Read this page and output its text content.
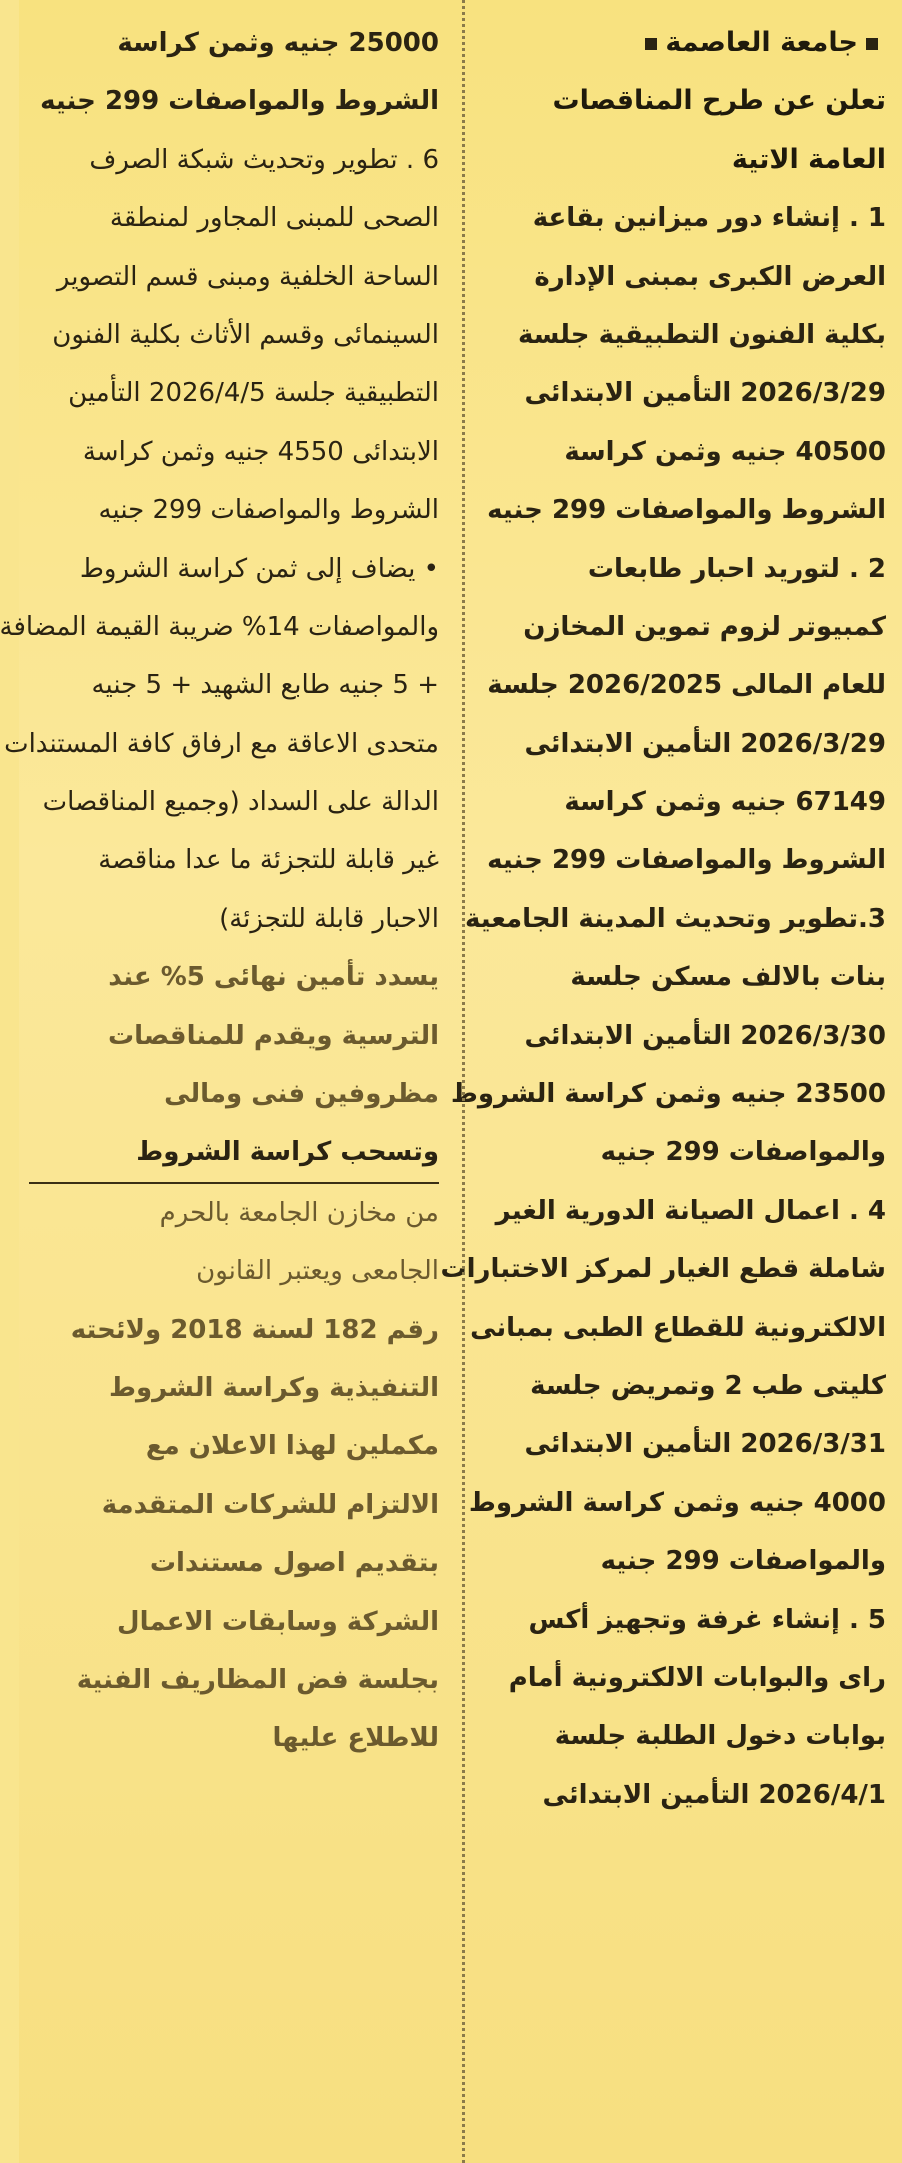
جامعة العاصمة

تعلن عن طرح المناقصات

العامة الاتية

1 . إنشاء دور ميزانين بقاعة

العرض الكبرى بمبنى الإدارة

بكلية الفنون التطبيقية جلسة

2026/3/29 التأمين الابتدائى

40500 جنيه وثمن كراسة

الشروط والمواصفات 299 جنيه

2 . لتوريد احبار طابعات

كمبيوتر لزوم تموين المخازن

للعام المالى 2026/2025 جلسة

2026/3/29 التأمين الابتدائى

67149 جنيه وثمن كراسة

الشروط والمواصفات 299 جنيه

3.تطوير وتحديث المدينة الجامعية

بنات بالالف مسكن جلسة

2026/3/30 التأمين الابتدائى

23500 جنيه وثمن كراسة الشروط

والمواصفات 299 جنيه

4 . اعمال الصيانة الدورية الغير

شاملة قطع الغيار لمركز الاختبارات

الالكترونية للقطاع الطبى بمبانى

كليتى طب 2 وتمريض جلسة

2026/3/31 التأمين الابتدائى

4000 جنيه وثمن كراسة الشروط

والمواصفات 299 جنيه

5 . إنشاء غرفة وتجهيز أكس

راى والبوابات الالكترونية أمام

بوابات دخول الطلبة جلسة

2026/4/1 التأمين الابتدائى

25000 جنيه وثمن كراسة

الشروط والمواصفات 299 جنيه

6 . تطوير وتحديث شبكة الصرف

الصحى للمبنى المجاور لمنطقة

الساحة الخلفية ومبنى قسم التصوير

السينمائى وقسم الأثاث بكلية الفنون

التطبيقية جلسة 2026/4/5 التأمين

الابتدائى 4550 جنيه وثمن كراسة

الشروط والمواصفات 299 جنيه

• يضاف إلى ثمن كراسة الشروط

والمواصفات 14% ضريبة القيمة المضافة

+ 5 جنيه طابع الشهيد + 5 جنيه

متحدى الاعاقة مع ارفاق كافة المستندات

الدالة على السداد (وجميع المناقصات

غير قابلة للتجزئة ما عدا مناقصة

الاحبار قابلة للتجزئة)

يسدد تأمين نهائى 5% عند

الترسية ويقدم للمناقصات

مظروفين فنى ومالى

وتسحب كراسة الشروط

من مخازن الجامعة بالحرم

الجامعى ويعتبر القانون

رقم 182 لسنة 2018 ولائحته

التنفيذية وكراسة الشروط

مكملين لهذا الاعلان مع

الالتزام للشركات المتقدمة

بتقديم اصول مستندات

الشركة وسابقات الاعمال

بجلسة فض المظاريف الفنية

للاطلاع عليها
